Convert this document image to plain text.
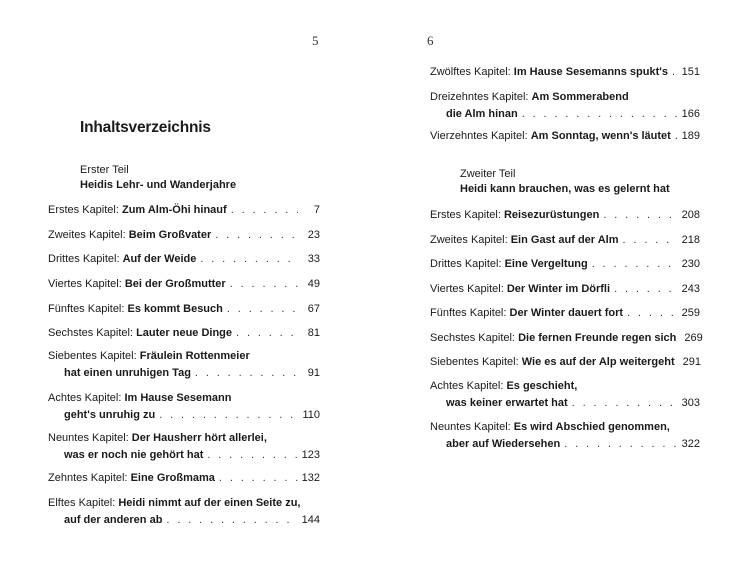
5	6
Inhaltsverzeichnis
Erster Teil
Heidis Lehr- und Wanderjahre
Erstes Kapitel:
Zum Alm-Öhi hinauf . . .	7
Zweites Kapitel:
Beim Großvater . . .	23
Drittes Kapitel:
Auf der Weide . . .	33
Viertes Kapitel:
Bei der Großmutter . . .	49
Fünftes Kapitel:
Es kommt Besuch . . .	67
Sechstes Kapitel:
Lauter neue Dinge . . .	81
Siebentes Kapitel:
Fräulein Rottenmeier
hat einen unruhigen Tag . . .	91
Achtes Kapitel:
Im Hause Sesemann
geht's unruhig zu . . .	110
Neuntes Kapitel:
Der Hausherr hört allerlei,
was er noch nie gehört hat . . .	123
Zehntes Kapitel:
Eine Großmama . . .	132
Elftes Kapitel:
Heidi nimmt auf der einen Seite zu,
auf der anderen ab . . .	144
Zwölftes Kapitel:
Im Hause Sesemanns spukt's . . . 151
Dreizehntes Kapitel:
Am Sommerabend
die Alm hinan . . .	166
Vierzehntes Kapitel:
Am Sonntag, wenn's läutet . . . 189
Zweiter Teil
Heidi kann brauchen, was es gelernt hat
Erstes Kapitel:
Reisezurüstungen . . .	208
Zweites Kapitel:
Ein Gast auf der Alm . . .	218
Drittes Kapitel:
Eine Vergeltung . . .	230
Viertes Kapitel:
Der Winter im Dörfli . . .	243
Fünftes Kapitel:
Der Winter dauert fort . . .	259
Sechstes Kapitel:
Die fernen Freunde regen sich 269
Siebentes Kapitel:
Wie es auf der Alp weitergeht 291
Achtes Kapitel:
Es geschieht,
was keiner erwartet hat . . .	303
Neuntes Kapitel:
Es wird Abschied genommen,
aber auf Wiedersehen . . .	322
